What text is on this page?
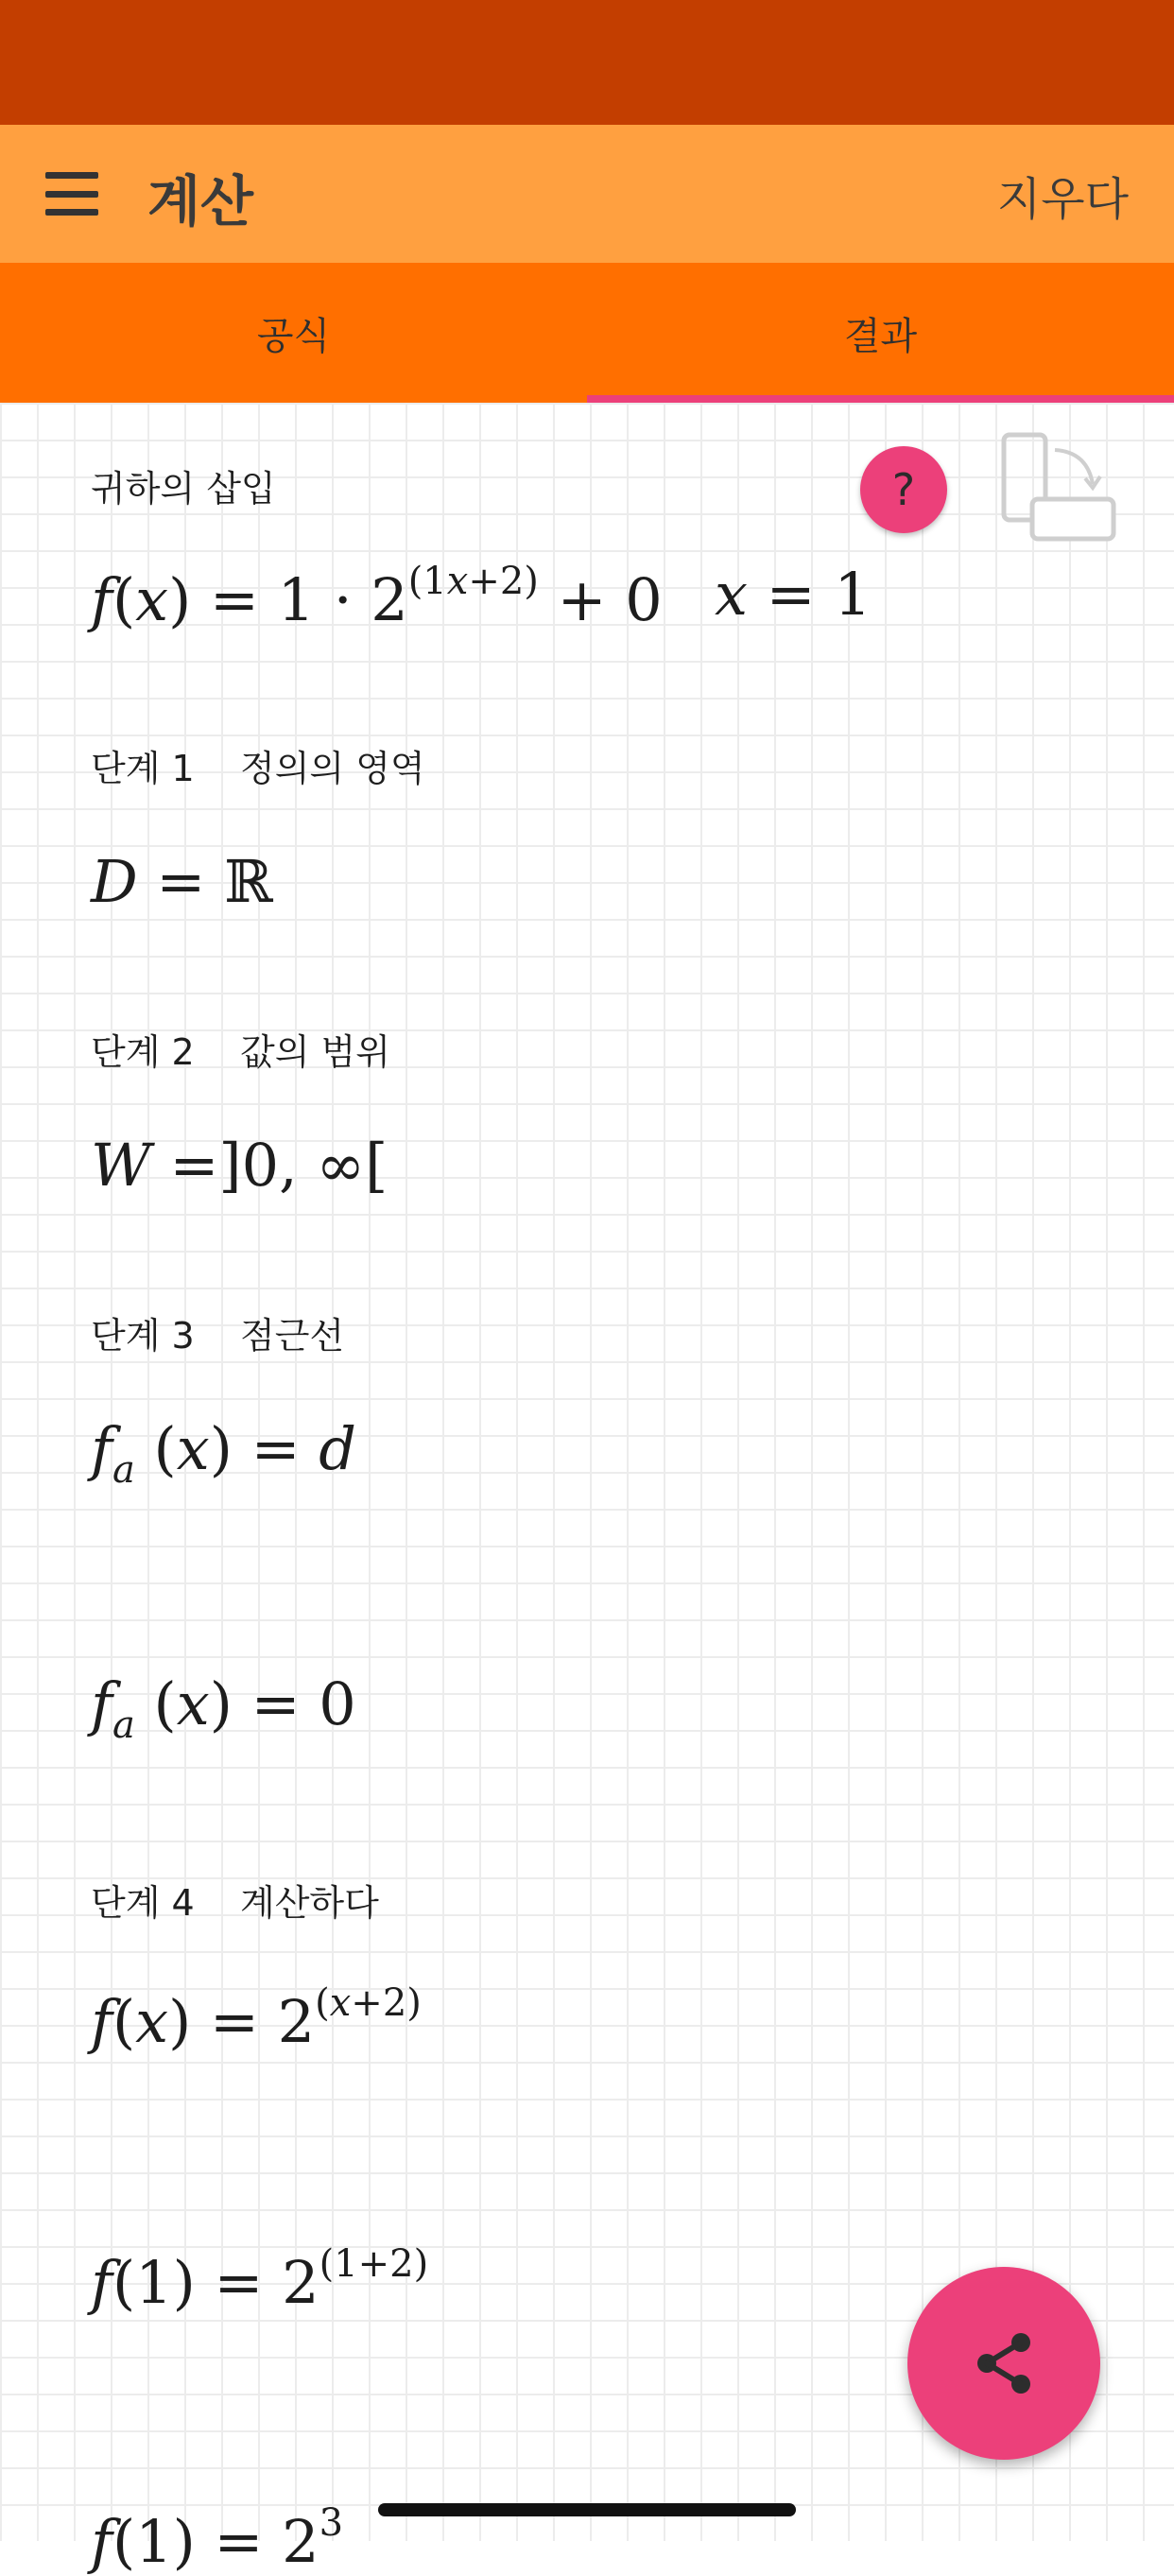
계산	지우다
공식	결과
귀하의 삽입	?
$f(x) = 1 \cdot 2^{(1x+2)} + 0$ x = 1
단계 1    정의의 영역
D = ℝ
단계 2    값의 범위
W =]0, ∞[
단계 3    점근선
$f_a$ (x) = d
$f_a$ (x) = 0
단계 4    계산하다
$f(x) = 2^{(x+2)}$
$f(1) = 2^{(1+2)}$
$f(1) = 2^3$
